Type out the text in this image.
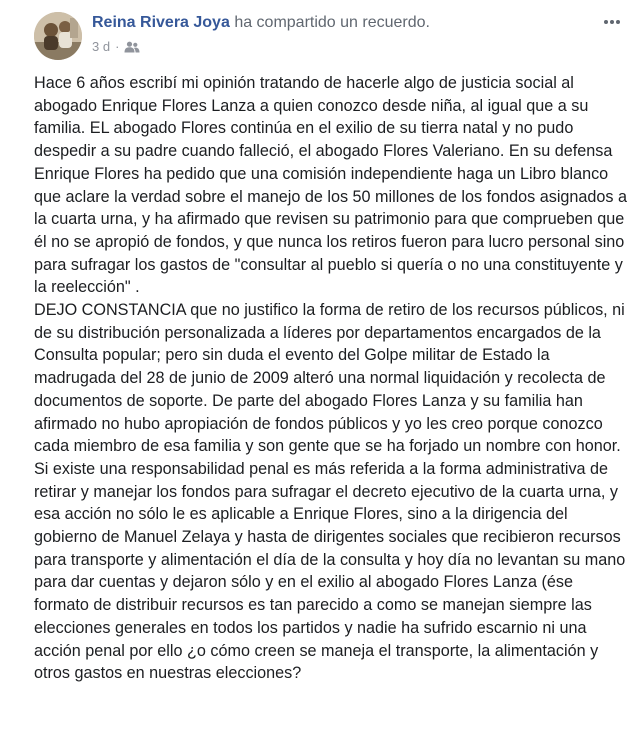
Reina Rivera Joya ha compartido un recuerdo.
3 d ·
Hace 6 años escribí mi opinión tratando de hacerle algo de justicia social al abogado Enrique Flores Lanza a quien conozco desde niña, al igual que a su familia. EL abogado Flores continúa en el exilio de su tierra natal y no pudo despedir a su padre cuando falleció, el abogado Flores Valeriano. En su defensa Enrique Flores ha pedido que una comisión independiente haga un Libro blanco que aclare la verdad sobre el manejo de los 50 millones de los fondos asignados a la cuarta urna, y ha afirmado que revisen su patrimonio para que comprueben que él no se apropió de fondos, y que nunca los retiros fueron para lucro personal sino para sufragar los gastos de "consultar al pueblo si quería o no una constituyente y la reelección" .
DEJO CONSTANCIA que no justifico la forma de retiro de los recursos públicos, ni de su distribución personalizada a líderes por departamentos encargados de la Consulta popular; pero sin duda el evento del Golpe militar de Estado la madrugada del 28 de junio de 2009 alteró una normal liquidación y recolecta de documentos de soporte. De parte del abogado Flores Lanza y su familia han afirmado no hubo apropiación de fondos públicos y yo les creo porque conozco cada miembro de esa familia y son gente que se ha forjado un nombre con honor. Si existe una responsabilidad penal es más referida a la forma administrativa de retirar y manejar los fondos para sufragar el decreto ejecutivo de la cuarta urna, y esa acción no sólo le es aplicable a Enrique Flores, sino a la dirigencia del gobierno de Manuel Zelaya y hasta de dirigentes sociales que recibieron recursos para transporte y alimentación el día de la consulta y hoy día no levantan su mano para dar cuentas y dejaron sólo y en el exilio al abogado Flores Lanza (ése formato de distribuir recursos es tan parecido a como se manejan siempre las elecciones generales en todos los partidos y nadie ha sufrido escarnio ni una acción penal por ello ¿o cómo creen se maneja el transporte, la alimentación y otros gastos en nuestras elecciones?
